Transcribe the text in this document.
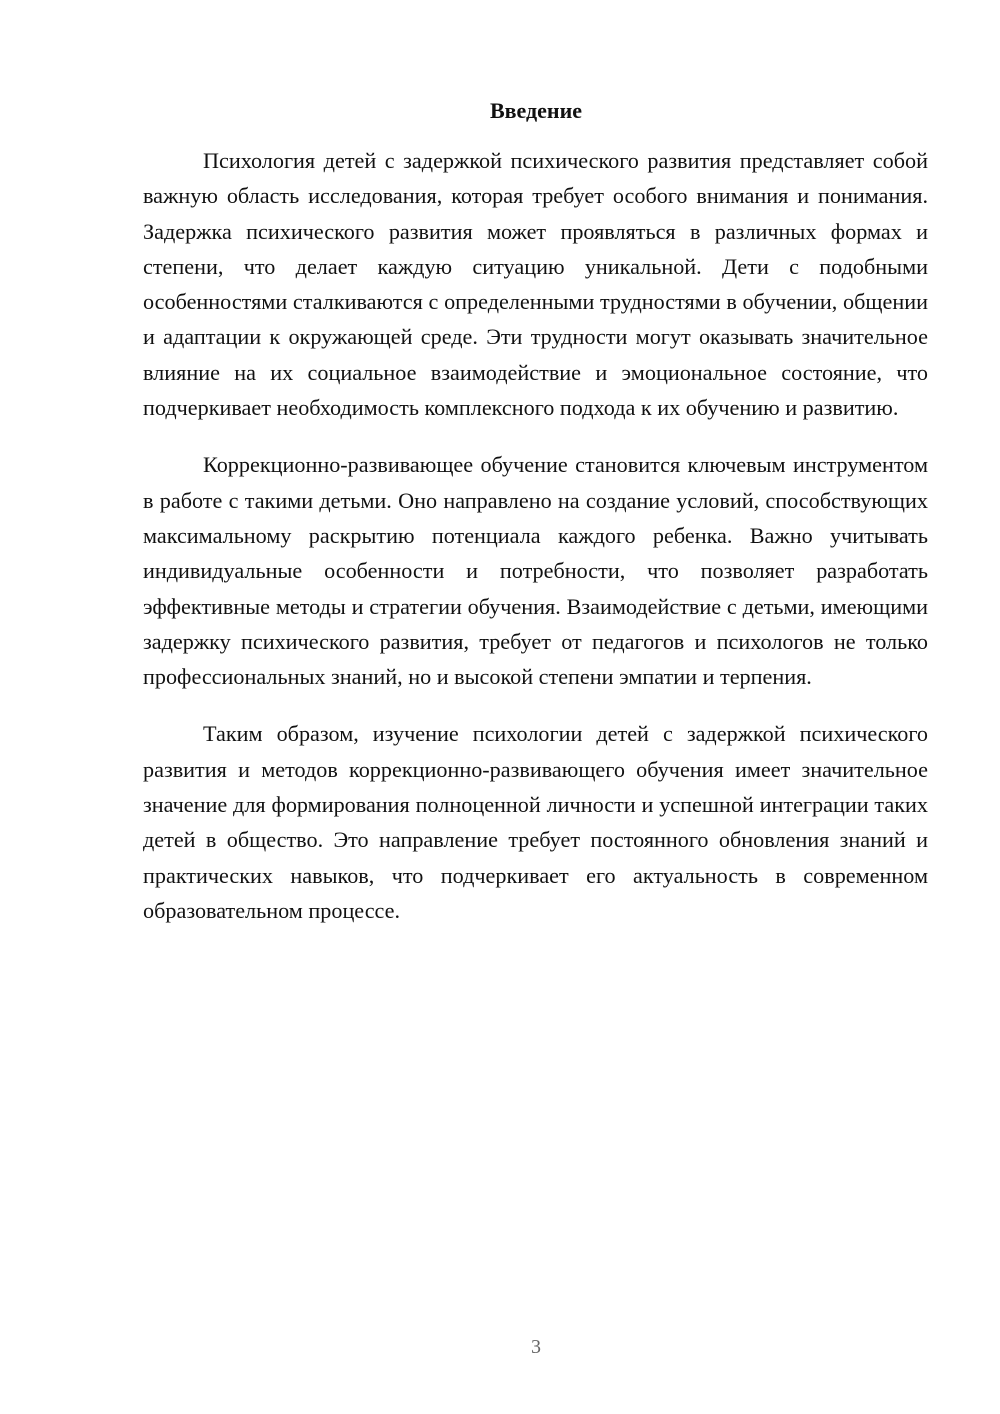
Введение

Психология детей с задержкой психического развития представляет собой важную область исследования, которая требует особого внимания и понимания. Задержка психического развития может проявляться в различных формах и степени, что делает каждую ситуацию уникальной. Дети с подобными особенностями сталкиваются с определенными трудностями в обучении, общении и адаптации к окружающей среде. Эти трудности могут оказывать значительное влияние на их социальное взаимодействие и эмоциональное состояние, что подчеркивает необходимость комплексного подхода к их обучению и развитию.

Коррекционно-развивающее обучение становится ключевым инструментом в работе с такими детьми. Оно направлено на создание условий, способствующих максимальному раскрытию потенциала каждого ребенка. Важно учитывать индивидуальные особенности и потребности, что позволяет разработать эффективные методы и стратегии обучения. Взаимодействие с детьми, имеющими задержку психического развития, требует от педагогов и психологов не только профессиональных знаний, но и высокой степени эмпатии и терпения.

Таким образом, изучение психологии детей с задержкой психического развития и методов коррекционно-развивающего обучения имеет значительное значение для формирования полноценной личности и успешной интеграции таких детей в общество. Это направление требует постоянного обновления знаний и практических навыков, что подчеркивает его актуальность в современном образовательном процессе.

3
